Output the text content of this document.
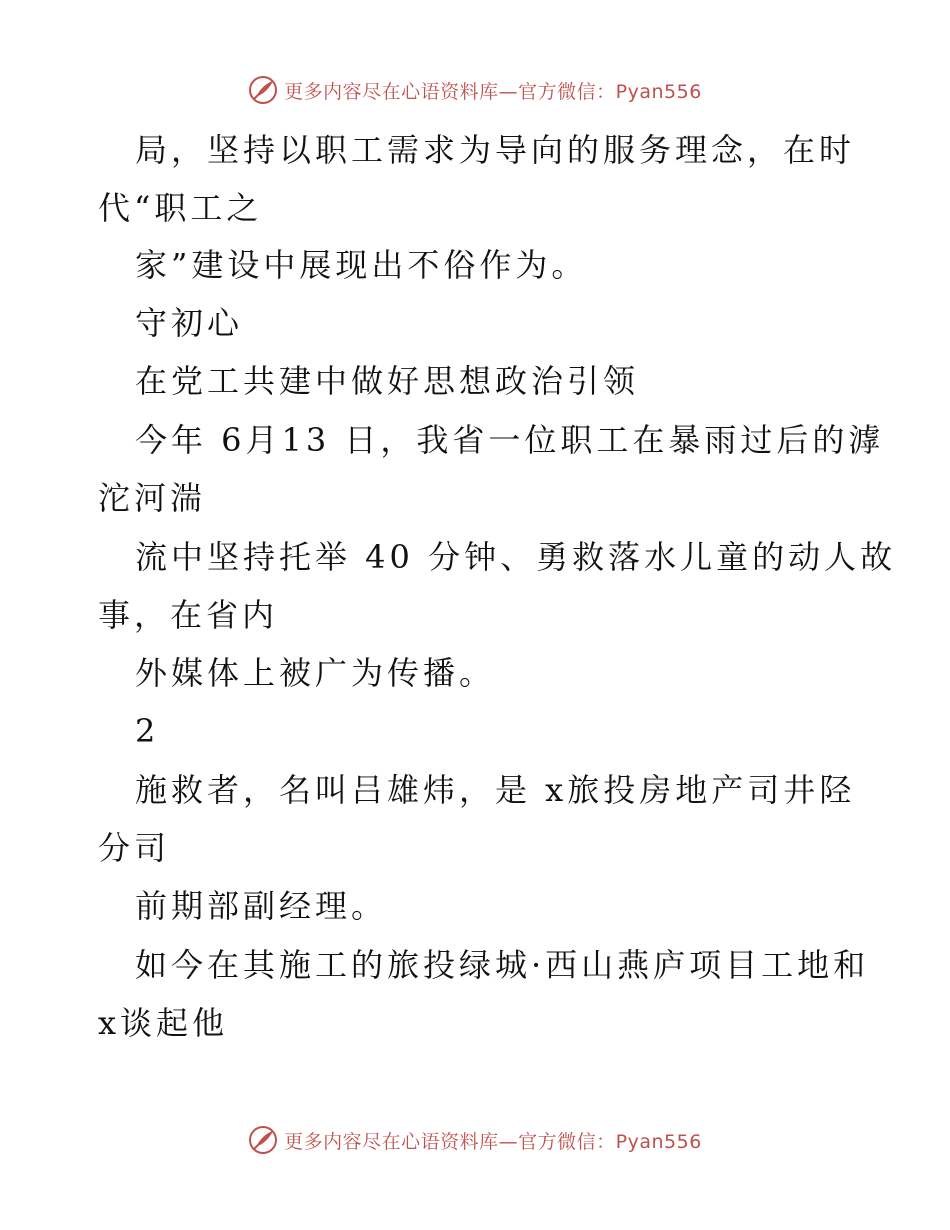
更多内容尽在心语资料库—官方微信：Pyan556
局，坚持以职工需求为导向的服务理念，在时
代“职工之
家”建设中展现出不俗作为。
守初心
在党工共建中做好思想政治引领
今年 6月13 日，我省一位职工在暴雨过后的滹
沱河湍
流中坚持托举 40 分钟、勇救落水儿童的动人故
事，在省内
外媒体上被广为传播。
2
施救者，名叫吕雄炜，是 x旅投房地产司井陉
分司
前期部副经理。
如今在其施工的旅投绿城·西山燕庐项目工地和
x谈起他
更多内容尽在心语资料库—官方微信：Pyan556
